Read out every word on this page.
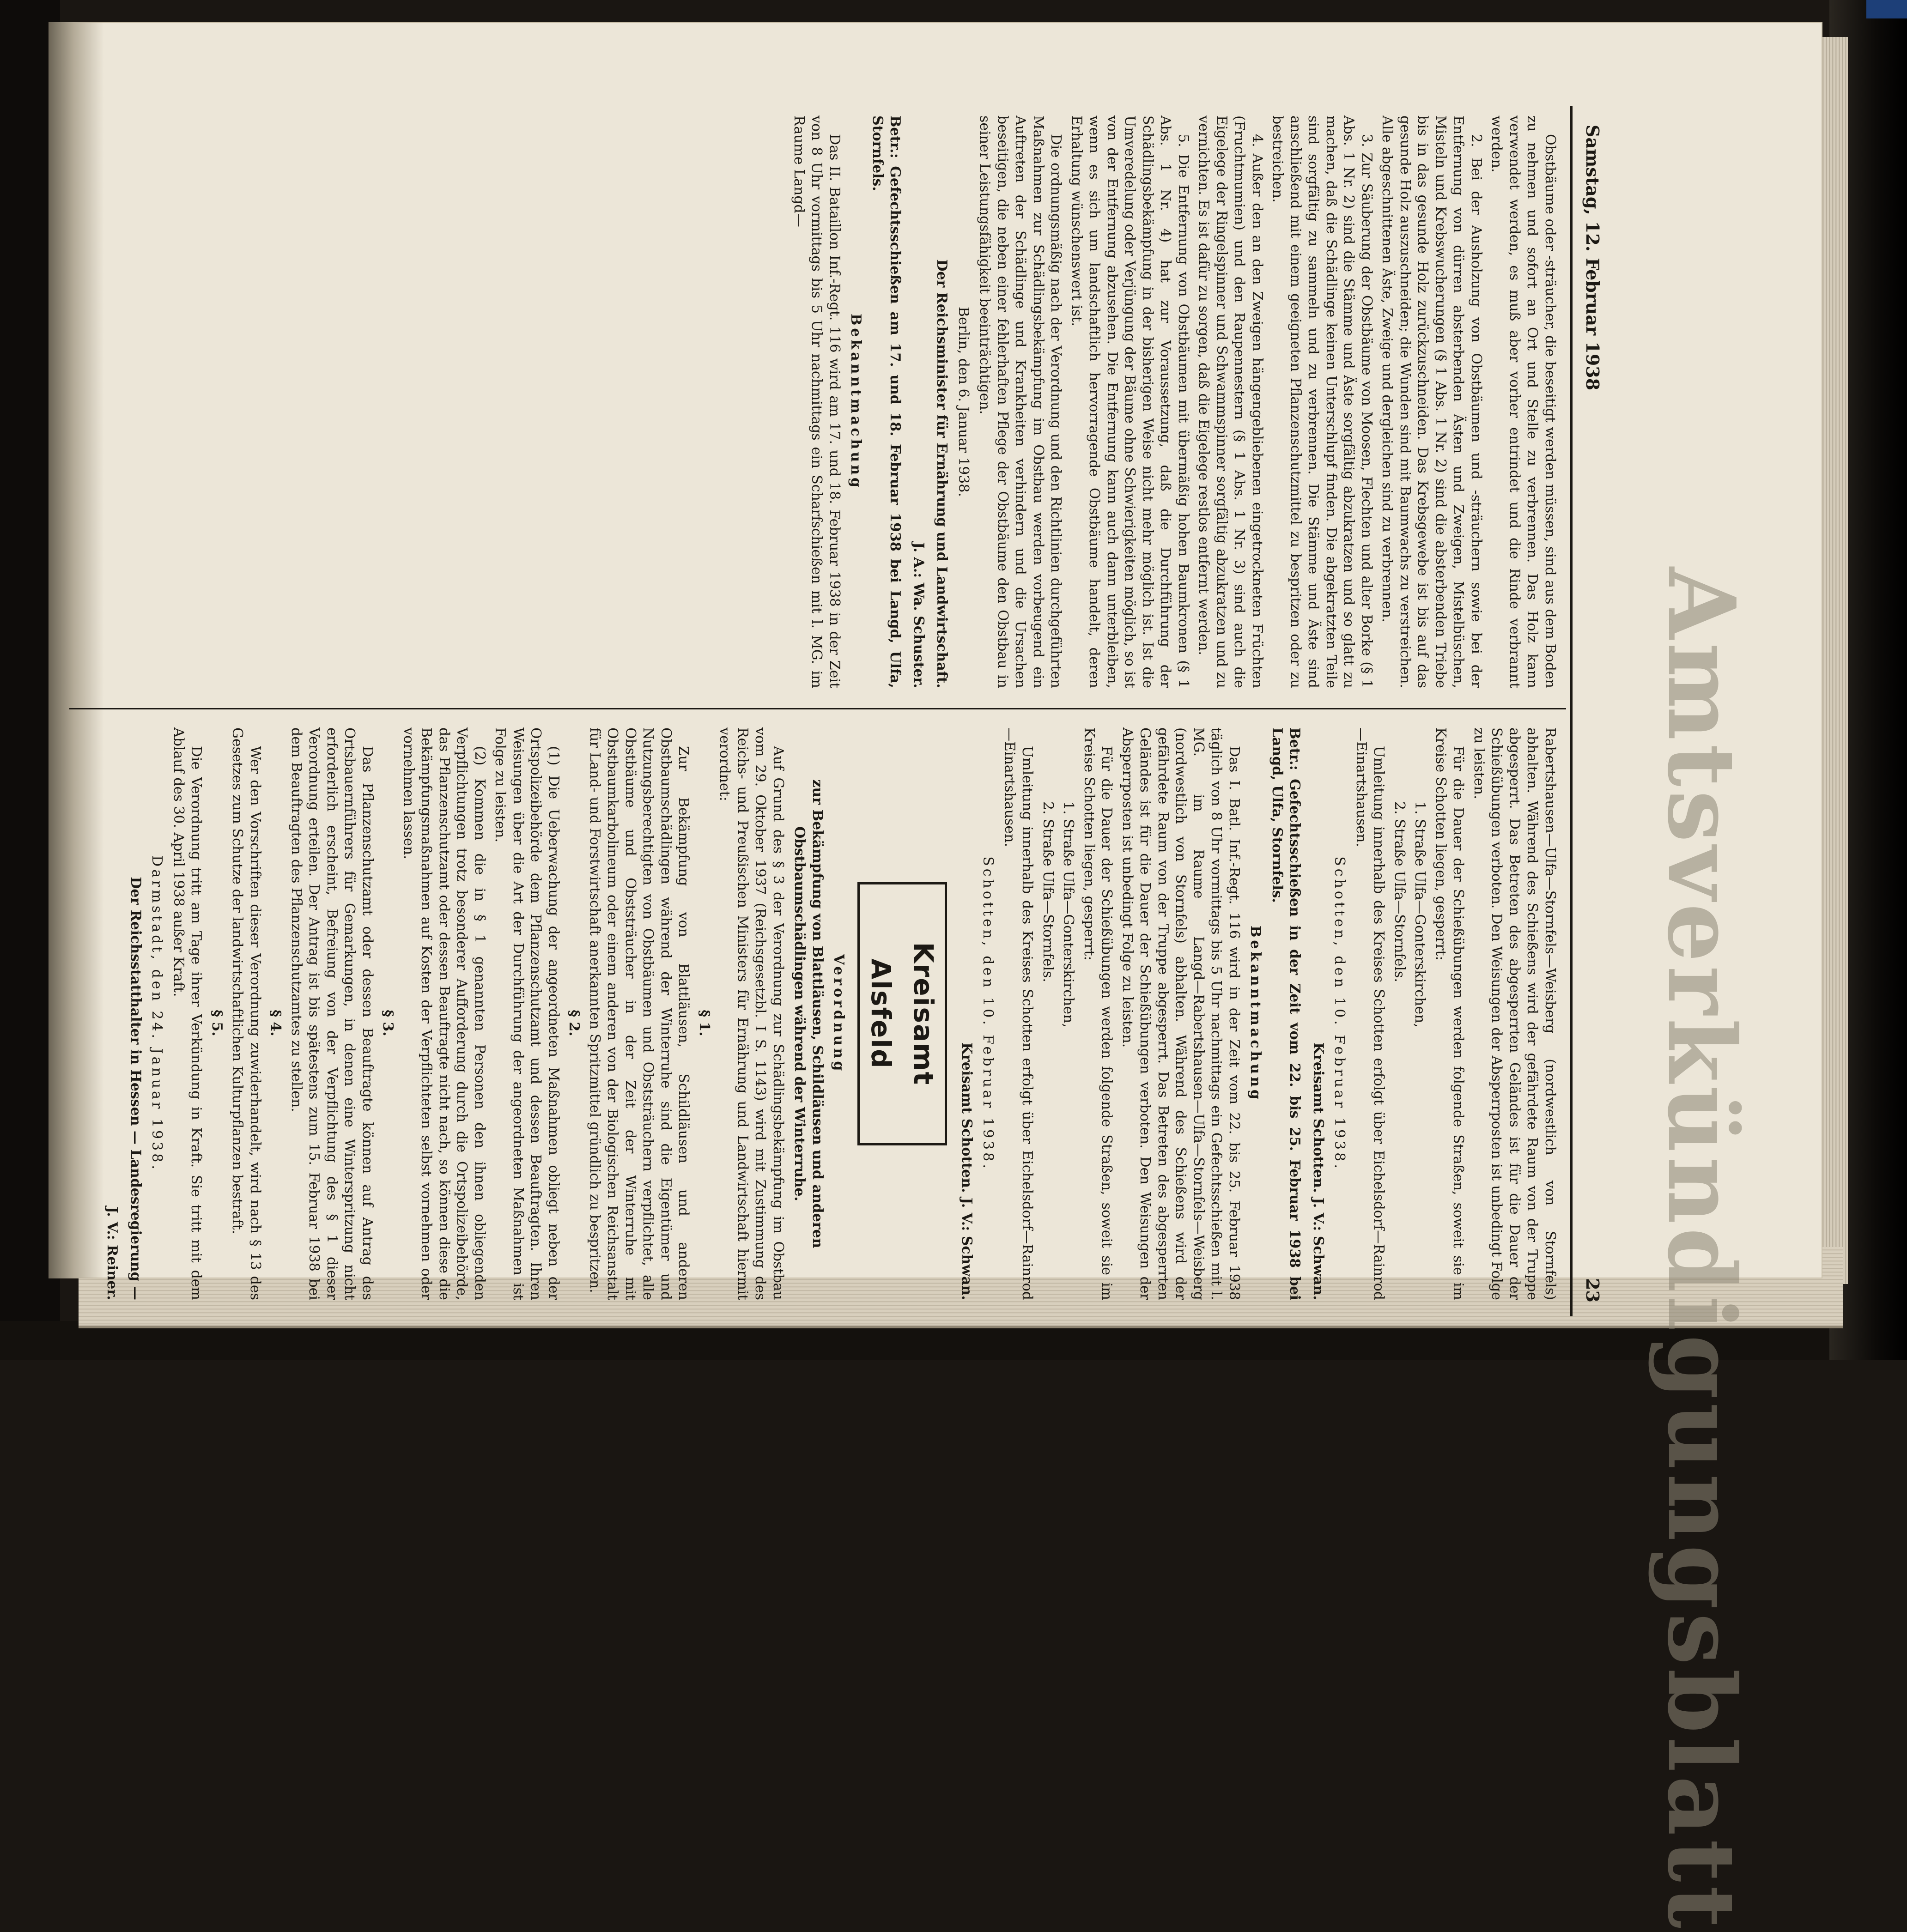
Amtsverkündigungsblatt
Samstag, 12. Februar 1938
23

Obstbäume oder -sträucher, die beseitigt werden müssen, sind aus dem Boden zu nehmen und sofort an Ort und Stelle zu verbrennen. Das Holz kann verwendet werden, es muß aber vorher entrindet und die Rinde verbrannt werden.

2. Bei der Ausholzung von Obstbäumen und -sträuchern sowie bei der Entfernung von dürren absterbenden Ästen und Zweigen, Mistelbüschen, Misteln und Krebswucherungen (§ 1 Abs. 1 Nr. 2) sind die absterbenden Triebe bis in das gesunde Holz zurückzuschneiden. Das Krebsgewebe ist bis auf das gesunde Holz auszuschneiden; die Wunden sind mit Baumwachs zu verstreichen. Alle abgeschnittenen Äste, Zweige und dergleichen sind zu verbrennen.

3. Zur Säuberung der Obstbäume von Moosen, Flechten und alter Borke (§ 1 Abs. 1 Nr. 2) sind die Stämme und Äste sorgfältig abzukratzen und so glatt zu machen, daß die Schädlinge keinen Unterschlupf finden. Die abgekratzten Teile sind sorgfältig zu sammeln und zu verbrennen. Die Stämme und Äste sind anschließend mit einem geeigneten Pflanzenschutzmittel zu bespritzen oder zu bestreichen.

4. Außer den an den Zweigen hängengebliebenen eingetrockneten Früchten (Fruchtmumien) und den Raupennestern (§ 1 Abs. 1 Nr. 3) sind auch die Eigelege der Ringelspinner und Schwammspinner sorgfältig abzukratzen und zu vernichten. Es ist dafür zu sorgen, daß die Eigelege restlos entfernt werden.

5. Die Entfernung von Obstbäumen mit übermäßig hohen Baumkronen (§ 1 Abs. 1 Nr. 4) hat zur Voraussetzung, daß die Durchführung der Schädlingsbekämpfung in der bisherigen Weise nicht mehr möglich ist. Ist die Umveredelung oder Verjüngung der Bäume ohne Schwierigkeiten möglich, so ist von der Entfernung abzusehen. Die Entfernung kann auch dann unterbleiben, wenn es sich um landschaftlich hervorragende Obstbäume handelt, deren Erhaltung wünschenswert ist.

Die ordnungsmäßig nach der Verordnung und den Richtlinien durchgeführten Maßnahmen zur Schädlingsbekämpfung im Obstbau werden vorbeugend ein Auftreten der Schädlinge und Krankheiten verhindern und die Ursachen beseitigen, die neben einer fehlerhaften Pflege der Obstbäume den Obstbau in seiner Leistungsfähigkeit beeinträchtigen.

Berlin, den 6. Januar 1938.

Der Reichsminister für Ernährung und Landwirtschaft.

J. A.: Wa. Schuster.

Betr.: Gefechtsschießen am 17. und 18. Februar 1938 bei Langd, Ulfa, Stornfels.

Bekanntmachung

Das II. Bataillon Inf.-Regt. 116 wird am 17. und 18. Februar 1938 in der Zeit von 8 Uhr vormittags bis 5 Uhr nachmittags ein Scharfschießen mit l. MG. im Raume Langd—

Rabertshausen—Ulfa—Stornfels—Weisberg (nordwestlich von Stornfels) abhalten. Während des Schießens wird der gefährdete Raum von der Truppe abgesperrt. Das Betreten des abgesperrten Geländes ist für die Dauer der Schießübungen verboten. Den Weisungen der Absperrposten ist unbedingt Folge zu leisten.

Für die Dauer der Schießübungen werden folgende Straßen, soweit sie im Kreise Schotten liegen, gesperrt:

1. Straße Ulfa—Gonterskirchen,

2. Straße Ulfa—Stornfels.

Umleitung innerhalb des Kreises Schotten erfolgt über Eichelsdorf—Rainrod—Einartshausen.

Schotten, den 10. Februar 1938.

Kreisamt Schotten. J. V.: Schwan.

Betr.: Gefechtsschießen in der Zeit vom 22. bis 25. Februar 1938 bei Langd, Ulfa, Stornfels.

Bekanntmachung

Das I. Batl. Inf.-Regt. 116 wird in der Zeit vom 22. bis 25. Februar 1938 täglich von 8 Uhr vormittags bis 5 Uhr nachmittags ein Gefechtsschießen mit l. MG. im Raume Langd—Rabertshausen—Ulfa—Stornfels—Weisberg (nordwestlich von Stornfels) abhalten. Während des Schießens wird der gefährdete Raum von der Truppe abgesperrt. Das Betreten des abgesperrten Geländes ist für die Dauer der Schießübungen verboten. Den Weisungen der Absperrposten ist unbedingt Folge zu leisten.

Für die Dauer der Schießübungen werden folgende Straßen, soweit sie im Kreise Schotten liegen, gesperrt:

1. Straße Ulfa—Gonterskirchen,

2. Straße Ulfa—Stornfels.

Umleitung innerhalb des Kreises Schotten erfolgt über Eichelsdorf—Rainrod—Einartshausen.

Schotten, den 10. Februar 1938.

Kreisamt Schotten. J. V.: Schwan.

Kreisamt Alsfeld

Verordnung

zur Bekämpfung von Blattläusen, Schildläusen und anderen Obstbaumschädlingen während der Winterruhe.

Auf Grund des § 3 der Verordnung zur Schädlingsbekämpfung im Obstbau vom 29. Oktober 1937 (Reichsgesetzbl. I S. 1143) wird mit Zustimmung des Reichs- und Preußischen Ministers für Ernährung und Landwirtschaft hiermit verordnet:

§ 1.

Zur Bekämpfung von Blattläusen, Schildläusen und anderen Obstbaumschädlingen während der Winterruhe sind die Eigentümer und Nutzungsberechtigten von Obstbäumen und Obststräuchern verpflichtet, alle Obstbäume und Obststräucher in der Zeit der Winterruhe mit Obstbaumkarbolineum oder einem anderen von der Biologischen Reichsanstalt für Land- und Forstwirtschaft anerkannten Spritzmittel gründlich zu bespritzen.

§ 2.

(1) Die Ueberwachung der angeordneten Maßnahmen obliegt neben der Ortspolizeibehörde dem Pflanzenschutzamt und dessen Beauftragten. Ihren Weisungen über die Art der Durchführung der angeordneten Maßnahmen ist Folge zu leisten.

(2) Kommen die in § 1 genannten Personen den ihnen obliegenden Verpflichtungen trotz besonderer Aufforderung durch die Ortspolizeibehörde, das Pflanzenschutzamt oder dessen Beauftragte nicht nach, so können diese die Bekämpfungsmaßnahmen auf Kosten der Verpflichteten selbst vornehmen oder vornehmen lassen.

§ 3.

Das Pflanzenschutzamt oder dessen Beauftragte können auf Antrag des Ortsbauernführers für Gemarkungen, in denen eine Winterspritzung nicht erforderlich erscheint, Befreiung von der Verpflichtung des § 1 dieser Verordnung erteilen. Der Antrag ist bis spätestens zum 15. Februar 1938 bei dem Beauftragten des Pflanzenschutzamtes zu stellen.

§ 4.

Wer den Vorschriften dieser Verordnung zuwiderhandelt, wird nach § 13 des Gesetzes zum Schutze der landwirtschaftlichen Kulturpflanzen bestraft.

§ 5.

Die Verordnung tritt am Tage ihrer Verkündung in Kraft. Sie tritt mit dem Ablauf des 30. April 1938 außer Kraft.

Darmstadt, den 24. Januar 1938.

Der Reichsstatthalter in Hessen — Landesregierung —

J. V.: Reiner.
